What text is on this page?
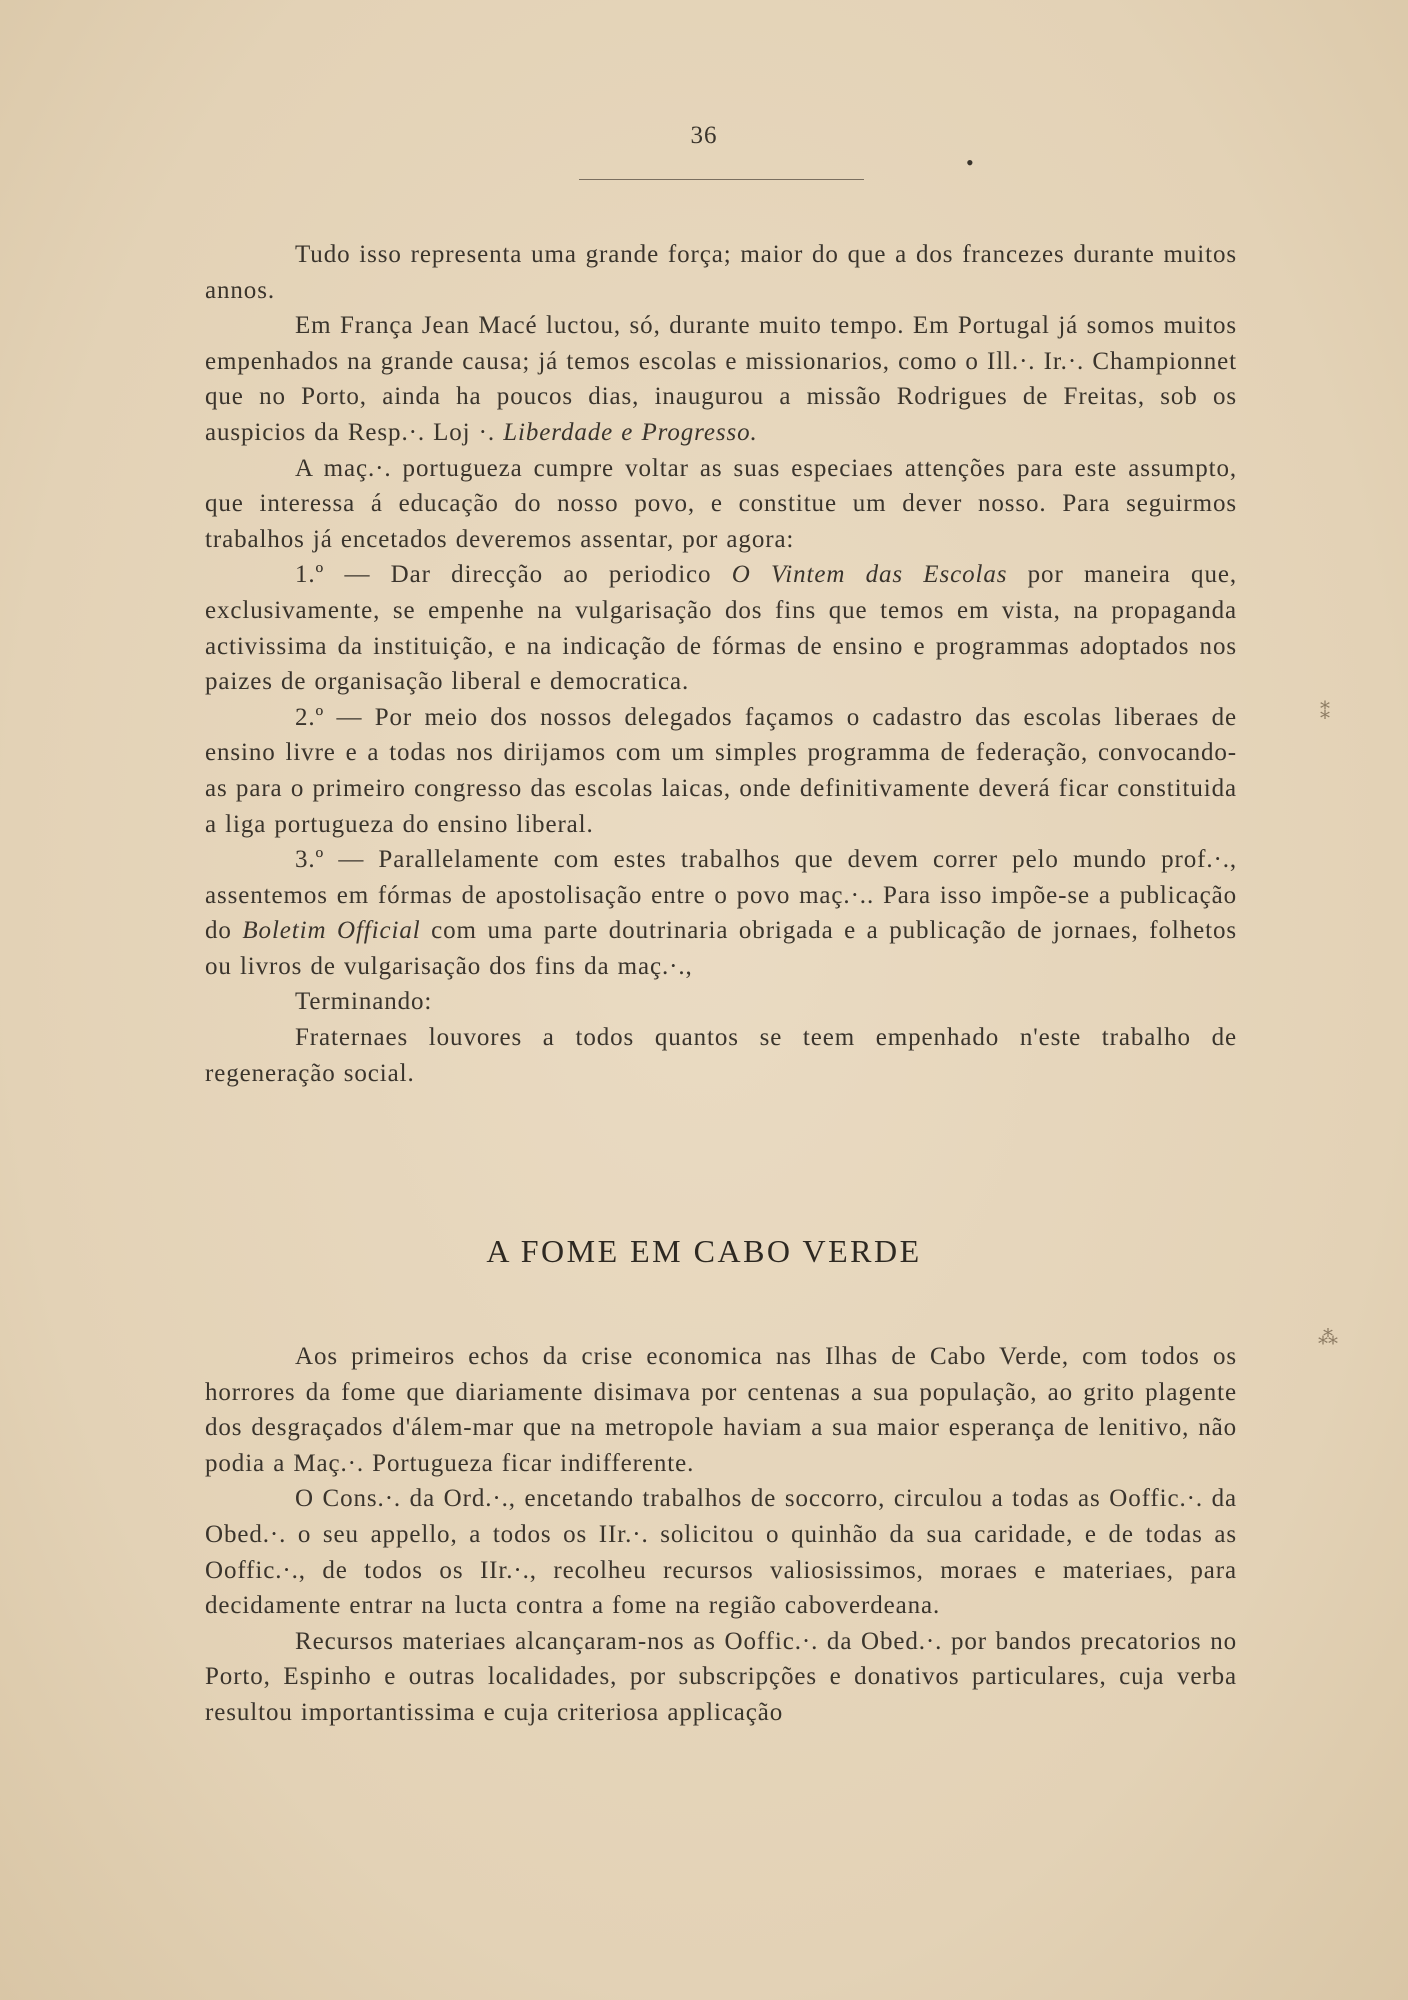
36
•

Tudo isso representa uma grande força; maior do que a dos francezes durante muitos annos.

Em França Jean Macé luctou, só, durante muito tempo. Em Portugal já somos muitos empenhados na grande causa; já temos escolas e missionarios, como o Ill.·. Ir.·. Championnet que no Porto, ainda ha poucos dias, inaugurou a missão Rodrigues de Freitas, sob os auspicios da Resp.·. Loj ·. Liberdade e Progresso.

A maç.·. portugueza cumpre voltar as suas especiaes attenções para este assumpto, que interessa á educação do nosso povo, e constitue um dever nosso. Para seguirmos trabalhos já encetados deveremos assentar, por agora:

1.º — Dar direcção ao periodico O Vintem das Escolas por maneira que, exclusivamente, se empenhe na vulgarisação dos fins que temos em vista, na propaganda activissima da instituição, e na indicação de fórmas de ensino e programmas adoptados nos paizes de organisação liberal e democratica.

2.º — Por meio dos nossos delegados façamos o cadastro das escolas liberaes de ensino livre e a todas nos dirijamos com um simples programma de federação, convocando-as para o primeiro congresso das escolas laicas, onde definitivamente deverá ficar constituida a liga portugueza do ensino liberal.

3.º — Parallelamente com estes trabalhos que devem correr pelo mundo prof.·., assentemos em fórmas de apostolisação entre o povo maç.·.. Para isso impõe-se a publicação do Boletim Official com uma parte doutrinaria obrigada e a publicação de jornaes, folhetos ou livros de vulgarisação dos fins da maç.·.,

Terminando:

Fraternaes louvores a todos quantos se teem empenhado n'este trabalho de regeneração social.

A FOME EM CABO VERDE

Aos primeiros echos da crise economica nas Ilhas de Cabo Verde, com todos os horrores da fome que diariamente disimava por centenas a sua população, ao grito plagente dos desgraçados d'álem-mar que na metropole haviam a sua maior esperança de lenitivo, não podia a Maç.·. Portugueza ficar indifferente.

O Cons.·. da Ord.·., encetando trabalhos de soccorro, circulou a todas as Ooffic.·. da Obed.·. o seu appello, a todos os IIr.·. solicitou o quinhão da sua caridade, e de todas as Ooffic.·., de todos os IIr.·., recolheu recursos valiosissimos, moraes e materiaes, para decidamente entrar na lucta contra a fome na região caboverdeana.

Recursos materiaes alcançaram-nos as Ooffic.·. da Obed.·. por bandos precatorios no Porto, Espinho e outras localidades, por subscripções e donativos particulares, cuja verba resultou importantissima e cuja criteriosa applicação

⁑
⁂
